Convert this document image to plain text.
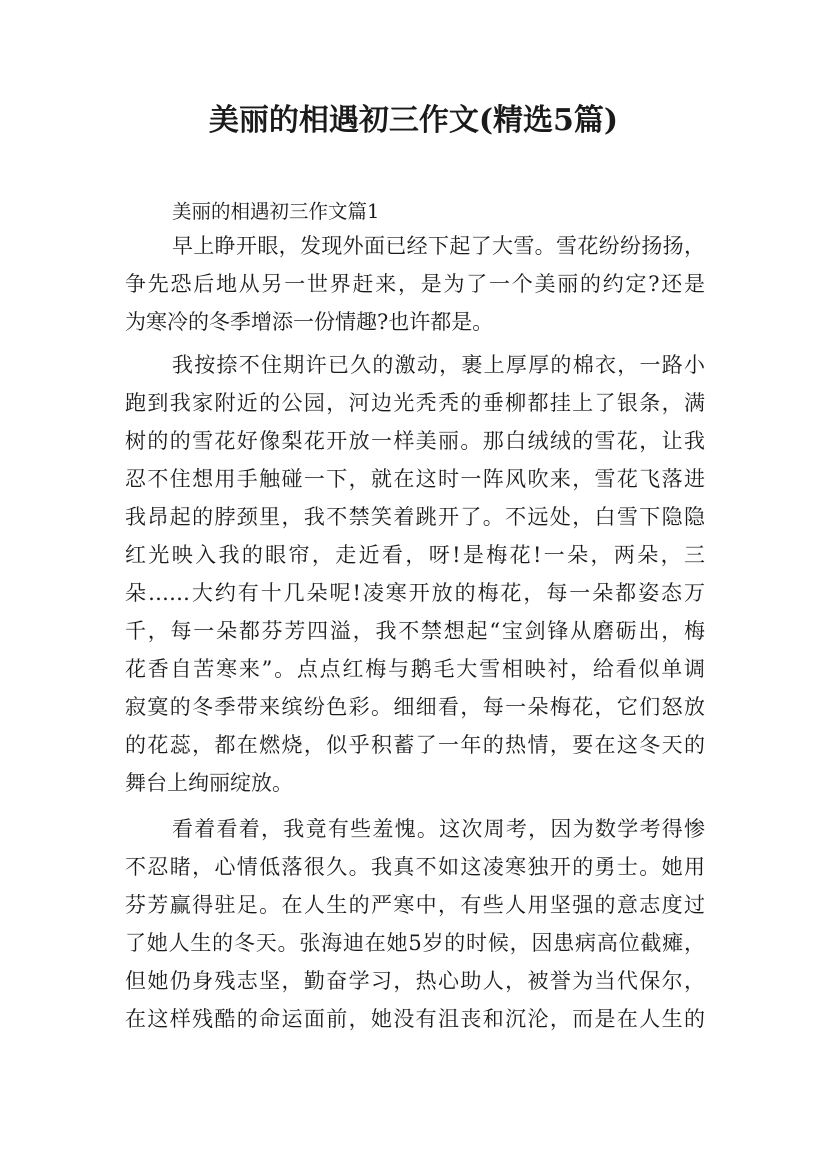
美丽的相遇初三作文(精选5篇)
美丽的相遇初三作文篇1
早上睁开眼，发现外面已经下起了大雪。雪花纷纷扬扬，
争先恐后地从另一世界赶来，是为了一个美丽的约定?还是
为寒冷的冬季增添一份情趣?也许都是。
我按捺不住期许已久的激动，裹上厚厚的棉衣，一路小
跑到我家附近的公园，河边光秃秃的垂柳都挂上了银条，满
树的的雪花好像梨花开放一样美丽。那白绒绒的雪花，让我
忍不住想用手触碰一下，就在这时一阵风吹来，雪花飞落进
我昂起的脖颈里，我不禁笑着跳开了。不远处，白雪下隐隐
红光映入我的眼帘，走近看，呀!是梅花!一朵，两朵，三
朵……大约有十几朵呢!凌寒开放的梅花，每一朵都姿态万
千，每一朵都芬芳四溢，我不禁想起“宝剑锋从磨砺出，梅
花香自苦寒来”。点点红梅与鹅毛大雪相映衬，给看似单调
寂寞的冬季带来缤纷色彩。细细看，每一朵梅花，它们怒放
的花蕊，都在燃烧，似乎积蓄了一年的热情，要在这冬天的
舞台上绚丽绽放。
看着看着，我竟有些羞愧。这次周考，因为数学考得惨
不忍睹，心情低落很久。我真不如这凌寒独开的勇士。她用
芬芳赢得驻足。在人生的严寒中，有些人用坚强的意志度过
了她人生的冬天。张海迪在她5岁的时候，因患病高位截瘫，
但她仍身残志坚，勤奋学习，热心助人，被誉为当代保尔，
在这样残酷的命运面前，她没有沮丧和沉沦，而是在人生的
